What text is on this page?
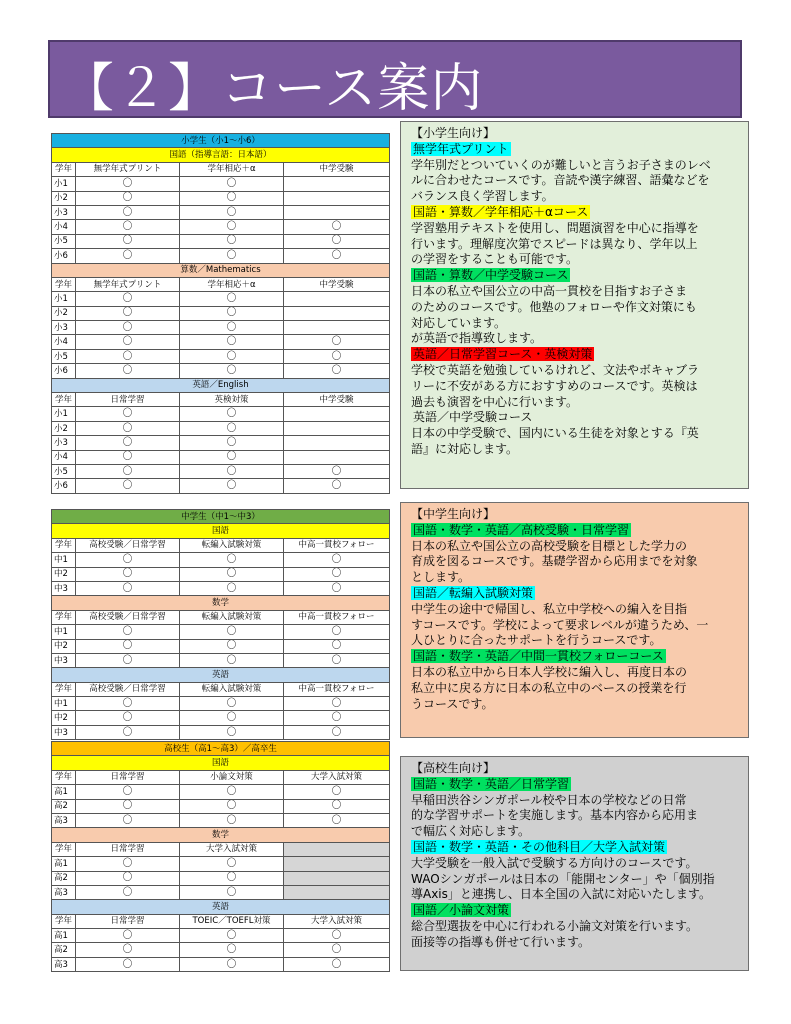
【２】コース案内
小学生（小1～小6）			
国語（指導言語：日本語）			
学年	無学年式プリント	学年相応＋α	中学受験
小1	〇	〇	
小2	〇	〇	
小3	〇	〇	
小4	〇	〇	〇
小5	〇	〇	〇
小6	〇	〇	〇
算数／Mathematics			
学年	無学年式プリント	学年相応＋α	中学受験
小1	〇	〇	
小2	〇	〇	
小3	〇	〇	
小4	〇	〇	〇
小5	〇	〇	〇
小6	〇	〇	〇
英語／English			
学年	日常学習	英検対策	中学受験
小1	〇	〇	
小2	〇	〇	
小3	〇	〇	
小4	〇	〇	
小5	〇	〇	〇
小6	〇	〇	〇
中学生（中1～中3）			
国語			
学年	高校受験／日常学習	転編入試験対策	中高一貫校フォロー
中1	〇	〇	〇
中2	〇	〇	〇
中3	〇	〇	〇
数学			
学年	高校受験／日常学習	転編入試験対策	中高一貫校フォロー
中1	〇	〇	〇
中2	〇	〇	〇
中3	〇	〇	〇
英語			
学年	高校受験／日常学習	転編入試験対策	中高一貫校フォロー
中1	〇	〇	〇
中2	〇	〇	〇
中3	〇	〇	〇
高校生（高1～高3）／高卒生			
国語			
学年	日常学習	小論文対策	大学入試対策
高1	〇	〇	〇
高2	〇	〇	〇
高3	〇	〇	〇
数学			
学年	日常学習	大学入試対策	
高1	〇	〇	
高2	〇	〇	
高3	〇	〇	
英語			
学年	日常学習	TOEIC／TOEFL対策	大学入試対策
高1	〇	〇	〇
高2	〇	〇	〇
高3	〇	〇	〇

【小学生向け】

無学年式プリント

学年別だとついていくのが難しいと言うお子さまのレベ

ルに合わせたコースです。音読や漢字練習、語彙などを

バランス良く学習します。

国語・算数／学年相応＋αコース

学習塾用テキストを使用し、問題演習を中心に指導を

行います。理解度次第でスピードは異なり、学年以上

の学習をすることも可能です。

国語・算数／中学受験コース

日本の私立や国公立の中高一貫校を目指すお子さま

のためのコースです。他塾のフォローや作文対策にも

対応しています。

が英語で指導致します。

英語／日常学習コース・英検対策

学校で英語を勉強しているけれど、文法やボキャブラ

リーに不安がある方におすすめのコースです。英検は

過去も演習を中心に行います。

英語／中学受験コース

日本の中学受験で、国内にいる生徒を対象とする『英

語』に対応します。

【中学生向け】

国語・数学・英語／高校受験・日常学習

日本の私立や国公立の高校受験を目標とした学力の

育成を図るコースです。基礎学習から応用までを対象

とします。

国語／転編入試験対策

中学生の途中で帰国し、私立中学校への編入を目指

すコースです。学校によって要求レベルが違うため、一

人ひとりに合ったサポートを行うコースです。

国語・数学・英語／中間一貫校フォローコース

日本の私立中から日本人学校に編入し、再度日本の

私立中に戻る方に日本の私立中のベースの授業を行

うコースです。

【高校生向け】

国語・数学・英語／日常学習

早稲田渋谷シンガポール校や日本の学校などの日常

的な学習サポートを実施します。基本内容から応用ま

で幅広く対応します。

国語・数学・英語・その他科目／大学入試対策

大学受験を一般入試で受験する方向けのコースです。

WAOシンガポールは日本の「能開センター」や「個別指

導Axis」と連携し、日本全国の入試に対応いたします。

国語／小論文対策

総合型選抜を中心に行われる小論文対策を行います。

面接等の指導も併せて行います。
